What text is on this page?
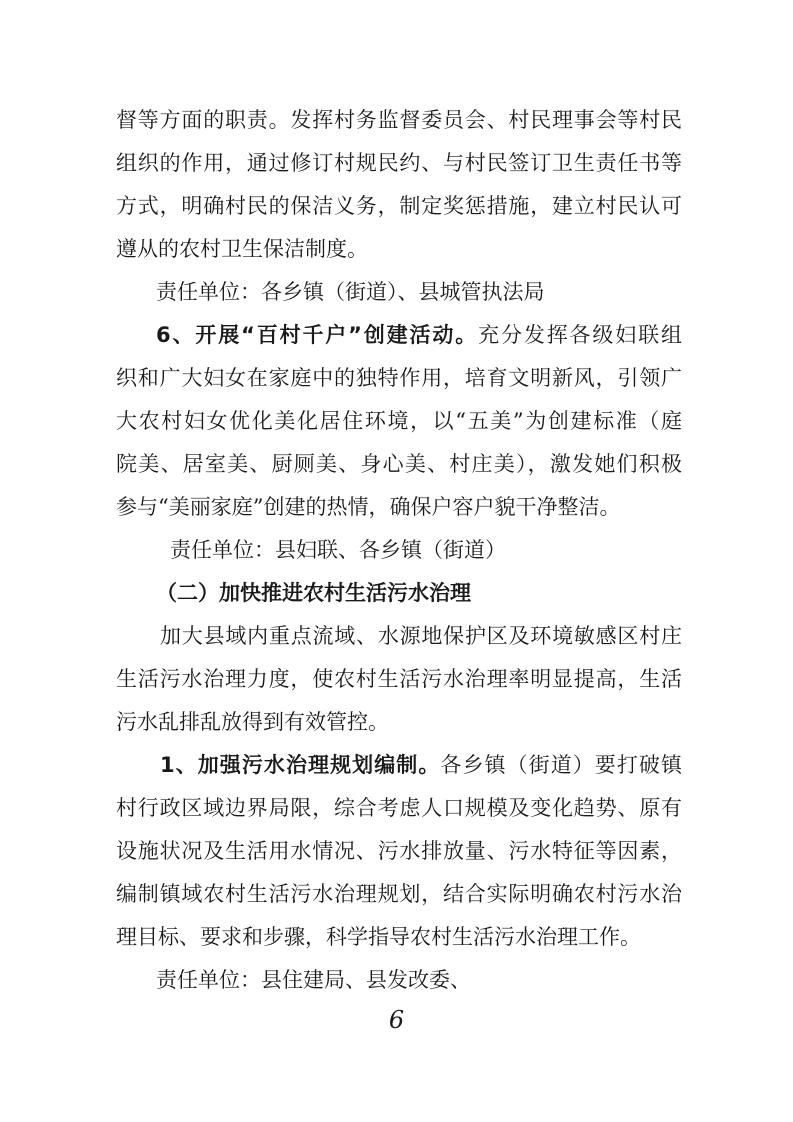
督等方面的职责。发挥村务监督委员会、村民理事会等村民
组织的作用，通过修订村规民约、与村民签订卫生责任书等
方式，明确村民的保洁义务，制定奖惩措施，建立村民认可
遵从的农村卫生保洁制度。
责任单位：各乡镇（街道）、县城管执法局
6、开展“百村千户”创建活动。充分发挥各级妇联组
织和广大妇女在家庭中的独特作用，培育文明新风，引领广
大农村妇女优化美化居住环境，以“五美”为创建标准（庭
院美、居室美、厨厕美、身心美、村庄美），激发她们积极
参与“美丽家庭”创建的热情，确保户容户貌干净整洁。
责任单位：县妇联、各乡镇（街道）
（二）加快推进农村生活污水治理
加大县域内重点流域、水源地保护区及环境敏感区村庄
生活污水治理力度，使农村生活污水治理率明显提高，生活
污水乱排乱放得到有效管控。
1、加强污水治理规划编制。各乡镇（街道）要打破镇
村行政区域边界局限，综合考虑人口规模及变化趋势、原有
设施状况及生活用水情况、污水排放量、污水特征等因素，
编制镇域农村生活污水治理规划，结合实际明确农村污水治
理目标、要求和步骤，科学指导农村生活污水治理工作。
责任单位：县住建局、县发改委、
6
